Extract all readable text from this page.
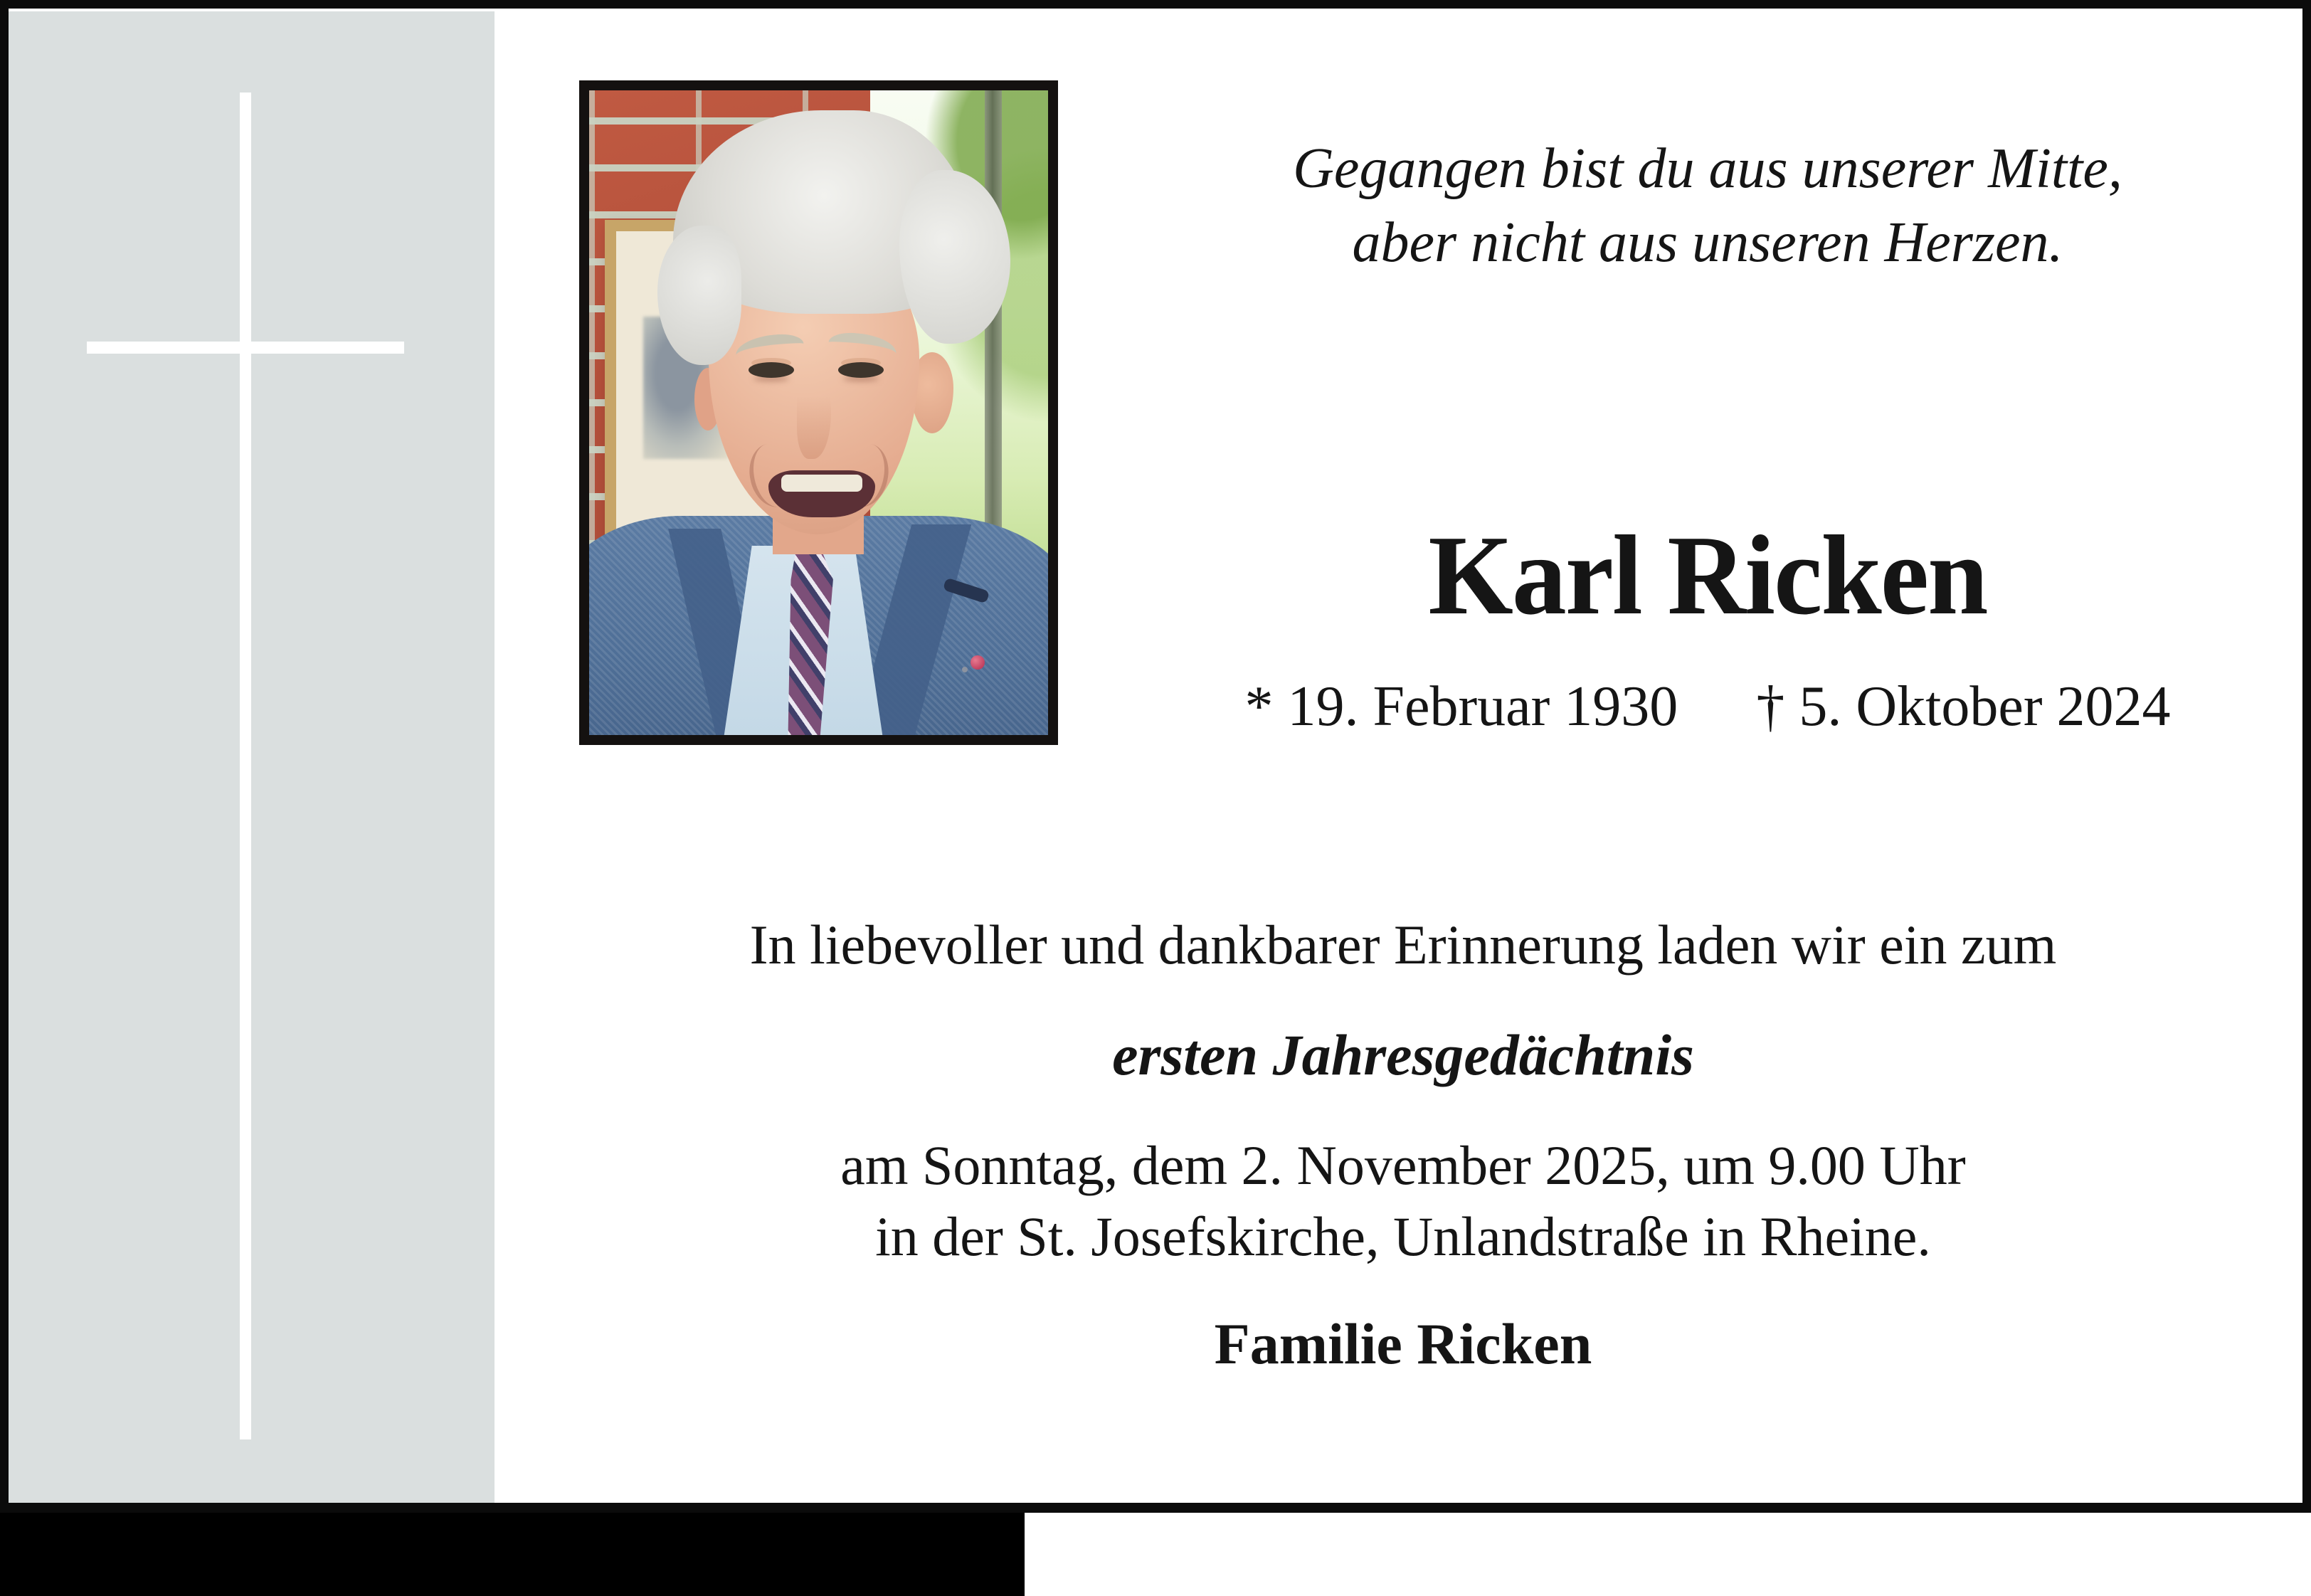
Gegangen bist du aus unserer Mitte,
aber nicht aus unseren Herzen.
Karl Ricken
* 19. Februar 1930 † 5. Oktober 2024
In liebevoller und dankbarer Erinnerung laden wir ein zum
ersten Jahresgedächtnis
am Sonntag, dem 2. November 2025, um 9.00 Uhr
in der St. Josefskirche, Unlandstraße in Rheine.
Familie Ricken
